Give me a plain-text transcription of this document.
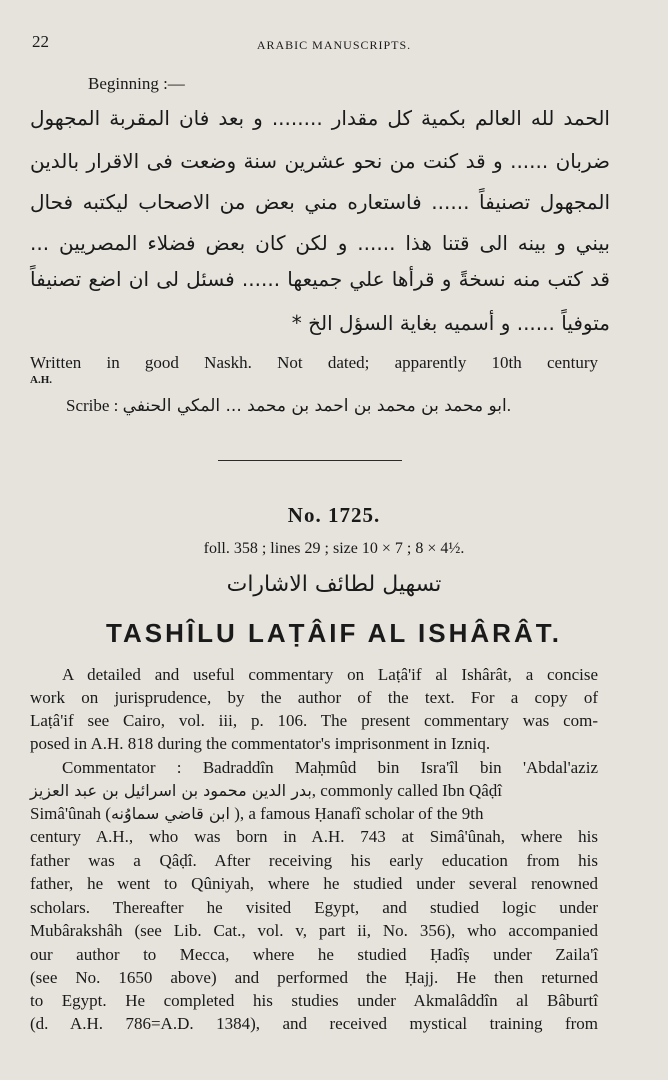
22	ARABIC MANUSCRIPTS.
Beginning :—
الحمد لله العالم بكمية كل مقدار ........ و بعد فان المقربة المجهول
ضربان ...... و قد كنت من نحو عشرين سنة وضعت فى الاقرار بالدين
المجهول تصنيفاً ...... فاستعاره مني بعض من الاصحاب ليكتبه فحال
بيني و بينه الى قتنا هذا ...... و لكن كان بعض فضلاء المصريين ...
قد كتب منه نسخةً و قرأها علي جميعها ...... فسئل لى ان اضع تصنيفاً
متوفياً ...... و أسميه بغاية السؤل الخ *
Written in good Naskh. Not dated; apparently 10th century
A.H.
Scribe : ابو محمد بن محمد بن احمد بن محمد ... المكي الحنفي.
No. 1725.
foll. 358 ; lines 29 ; size 10 × 7 ; 8 × 4½.
تسهيل لطائف الاشارات
TASHÎLU LAṬÂIF AL ISHÂRÂT.
A detailed and useful commentary on Laṭâ'if al Ishârât, a concise
work on jurisprudence, by the author of the text. For a copy of
Laṭâ'if see Cairo, vol. iii, p. 106. The present commentary was com-
posed in A.H. 818 during the commentator's imprisonment in Izniq.
Commentator : Badraddîn Maḥmûd bin Isra'îl bin 'Abdal'aziz
بدر الدين محمود بن اسرائيل بن عبد العزيز, commonly called Ibn Qâḍî
Simâ'ûnah (ابن قاضي سماوُنه ), a famous Ḥanafî scholar of the 9th
century A.H., who was born in A.H. 743 at Simâ'ûnah, where his
father was a Qâḍî. After receiving his early education from his
father, he went to Qûniyah, where he studied under several renowned
scholars. Thereafter he visited Egypt, and studied logic under
Mubârakshâh (see Lib. Cat., vol. v, part ii, No. 356), who accompanied
our author to Mecca, where he studied Ḥadîṣ under Zaila'î
(see No. 1650 above) and performed the Ḥajj. He then returned
to Egypt. He completed his studies under Akmalâddîn al Bâburtî
(d. A.H. 786=A.D. 1384), and received mystical training from
